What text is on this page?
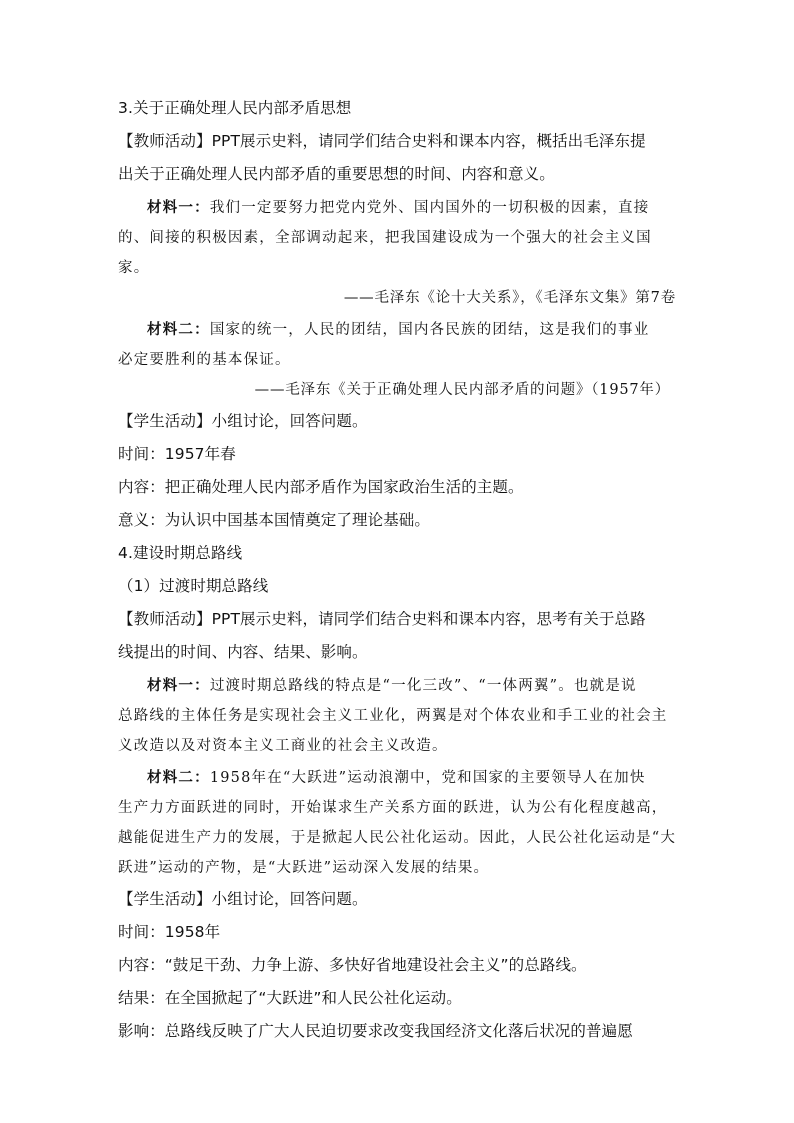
3.关于正确处理人民内部矛盾思想
【教师活动】PPT展示史料，请同学们结合史料和课本内容，概括出毛泽东提
出关于正确处理人民内部矛盾的重要思想的时间、内容和意义。
材料一：我们一定要努力把党内党外、国内国外的一切积极的因素，直接
的、间接的积极因素，全部调动起来，把我国建设成为一个强大的社会主义国
家。
——毛泽东《论十大关系》，《毛泽东文集》第7卷
材料二：国家的统一，人民的团结，国内各民族的团结，这是我们的事业
必定要胜利的基本保证。
——毛泽东《关于正确处理人民内部矛盾的问题》（1957年）
【学生活动】小组讨论，回答问题。
时间：1957年春
内容：把正确处理人民内部矛盾作为国家政治生活的主题。
意义：为认识中国基本国情奠定了理论基础。
4.建设时期总路线
（1）过渡时期总路线
【教师活动】PPT展示史料，请同学们结合史料和课本内容，思考有关于总路
线提出的时间、内容、结果、影响。
材料一：过渡时期总路线的特点是“一化三改”、“一体两翼”。也就是说
总路线的主体任务是实现社会主义工业化，两翼是对个体农业和手工业的社会主
义改造以及对资本主义工商业的社会主义改造。
材料二：1958年在“大跃进”运动浪潮中，党和国家的主要领导人在加快
生产力方面跃进的同时，开始谋求生产关系方面的跃进，认为公有化程度越高，
越能促进生产力的发展，于是掀起人民公社化运动。因此，人民公社化运动是“大
跃进”运动的产物，是“大跃进”运动深入发展的结果。
【学生活动】小组讨论，回答问题。
时间：1958年
内容：“鼓足干劲、力争上游、多快好省地建设社会主义”的总路线。
结果：在全国掀起了“大跃进”和人民公社化运动。
影响：总路线反映了广大人民迫切要求改变我国经济文化落后状况的普遍愿
